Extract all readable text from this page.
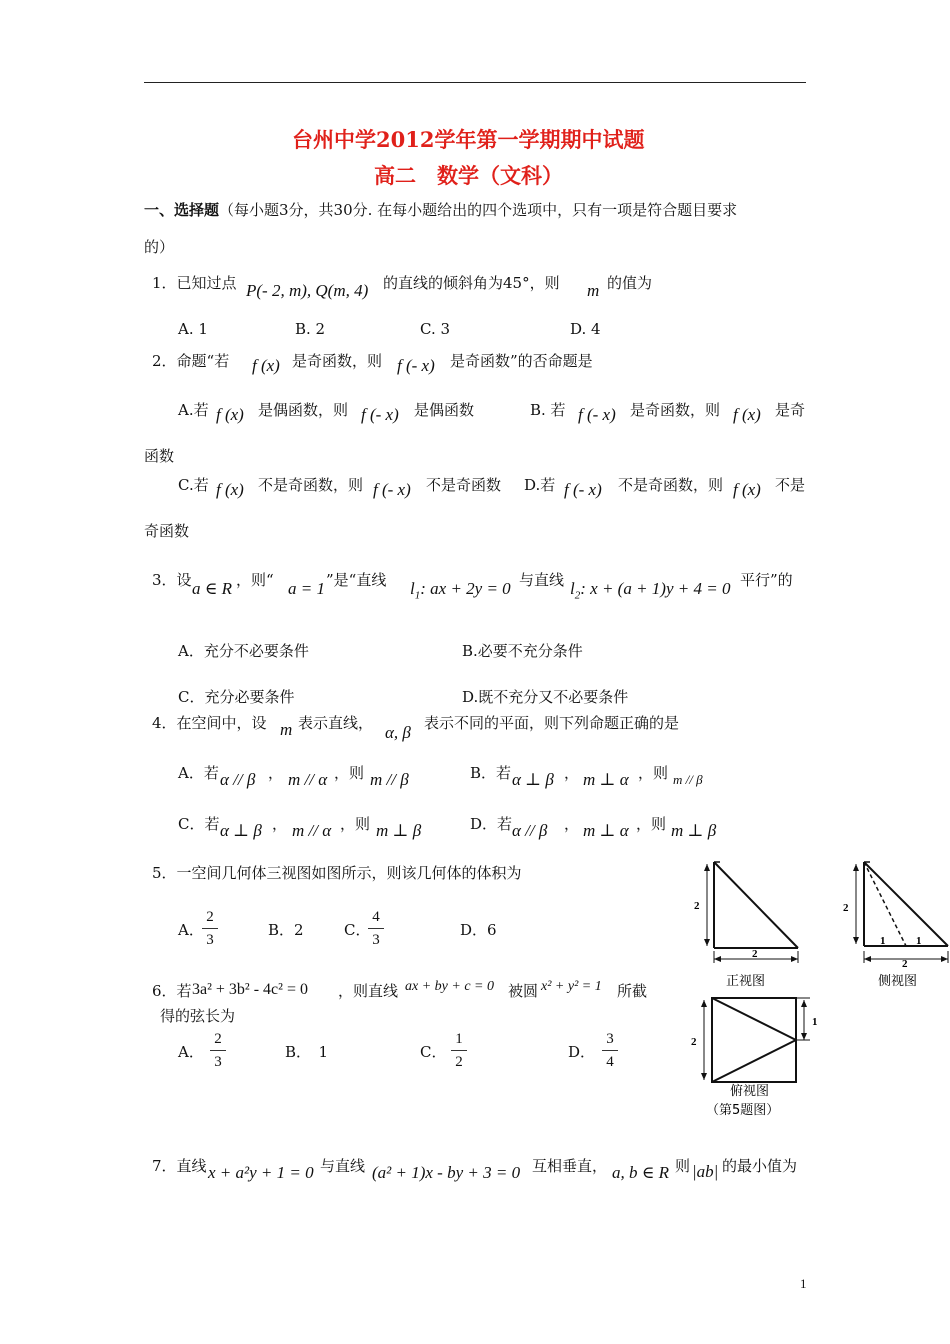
台州中学2012学年第一学期期中试题
高二　数学（文科）
一、选择题（每小题3分，共30分. 在每小题给出的四个选项中，只有一项是符合题目要求
的）
1．已知过点 P(- 2, m), Q(m, 4) 的直线的倾斜角为45°，则 m 的值为
A. 1	B. 2	C. 3	D. 4
2．命题“若 f (x) 是奇函数，则 f (- x) 是奇函数”的否命题是
A.若 f (x) 是偶函数，则 f (- x) 是偶函数	B. 若 f (- x) 是奇函数，则 f (x) 是奇
函数
C.若 f (x) 不是奇函数，则 f (- x) 不是奇函数 D.若 f (- x) 不是奇函数，则 f (x) 不是
奇函数
3．设 a ∈ R ，则“ a = 1 ”是“直线 $l_1$: ax + 2y = 0 与直线 $l_2$: x + (a + 1)y + 4 = 0 平行”的
A．充分不必要条件	B.必要不充分条件
C．充分必要条件	D.既不充分又不必要条件
4．在空间中，设 m 表示直线， α, β 表示不同的平面，则下列命题正确的是
A．若 α // β ， m // α ，则 m // β	B．若 α ⊥ β ， m ⊥ α ，则 m // β
C．若 α ⊥ β ， m // α ，则 m ⊥ β	D．若 α // β ， m ⊥ α ，则 m ⊥ β
5．一空间几何体三视图如图所示，则该几何体的体积为
A．
2
3
B．2	C．
4
3
D．6
6．若 3a² + 3b² - 4c² = 0 ，则直线 ax + by + c = 0 被圆 x² + y² = 1 所截
得的弦长为
A．
2
3
B．　1	C．
1
2
D．
3
4
7．直线 x + a²y + 1 = 0 与直线 (a² + 1)x - by + 3 = 0 互相垂直， a, b ∈ R 则 |ab| 的最小值为
2
2
正视图
2
1	1
2
侧视图
2
1
俯视图
（第5题图）
1
